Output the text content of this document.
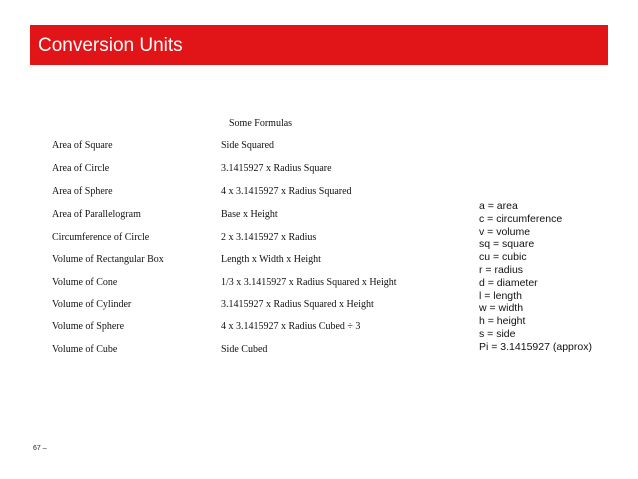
Conversion Units
Some Formulas
Area of Square	Side Squared
Area of Circle	3.1415927 x Radius Square
Area of Sphere	4 x 3.1415927 x Radius Squared
Area of Parallelogram	Base x Height
Circumference of Circle	2 x 3.1415927 x Radius
Volume of Rectangular Box	Length x Width x Height
Volume of Cone	1/3 x 3.1415927 x Radius Squared x Height
Volume of Cylinder	3.1415927 x Radius Squared x Height
Volume of Sphere	4 x 3.1415927 x Radius Cubed ÷ 3
Volume of Cube	Side Cubed
a = area
c = circumference
v = volume
sq = square
cu = cubic
r = radius
d = diameter
l = length
w = width
h = height
s = side
Pi = 3.1415927 (approx)
67 –
